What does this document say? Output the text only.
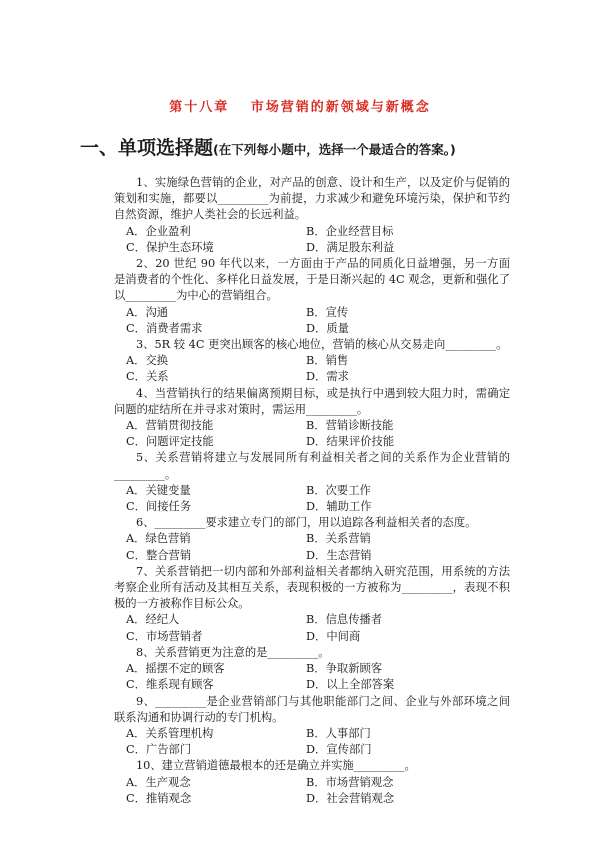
第十八章　 市场营销的新领域与新概念
一、单项选择题(在下列每小题中，选择一个最适合的答案。)
1、实施绿色营销的企业，对产品的创意、设计和生产，以及定价与促销的策划和实施，都要以_________为前提，力求减少和避免环境污染，保护和节约自然资源，维护人类社会的长远利益。
A．企业盈利	B．企业经营目标
C．保护生态环境	D．满足股东利益
2、20 世纪 90 年代以来，一方面由于产品的同质化日益增强，另一方面是消费者的个性化、多样化日益发展，于是日渐兴起的 4C 观念，更新和强化了以_________为中心的营销组合。
A．沟通	B．宣传
C．消费者需求	D．质量
3、5R 较 4C 更突出顾客的核心地位，营销的核心从交易走向_________。
A．交换	B．销售
C．关系	D．需求
4、当营销执行的结果偏离预期目标，或是执行中遇到较大阻力时，需确定问题的症结所在并寻求对策时，需运用_________。
A．营销贯彻技能	B．营销诊断技能
C．问题评定技能	D．结果评价技能
5、关系营销将建立与发展同所有利益相关者之间的关系作为企业营销的_________。
A．关键变量	B．次要工作
C．间接任务	D．辅助工作
6、_________要求建立专门的部门，用以追踪各利益相关者的态度。
A．绿色营销	B．关系营销
C．整合营销	D．生态营销
7、关系营销把一切内部和外部利益相关者都纳入研究范围，用系统的方法考察企业所有活动及其相互关系，表现积极的一方被称为_________，表现不积极的一方被称作目标公众。
A．经纪人	B．信息传播者
C．市场营销者	D．中间商
8、关系营销更为注意的是_________。
A．摇摆不定的顾客	B．争取新顾客
C．维系现有顾客	D．以上全部答案
9、_________是企业营销部门与其他职能部门之间、企业与外部环境之间联系沟通和协调行动的专门机构。
A．关系管理机构	B．人事部门
C．广告部门	D．宣传部门
10、建立营销道德最根本的还是确立并实施_________。
A．生产观念	B．市场营销观念
C．推销观念	D．社会营销观念
